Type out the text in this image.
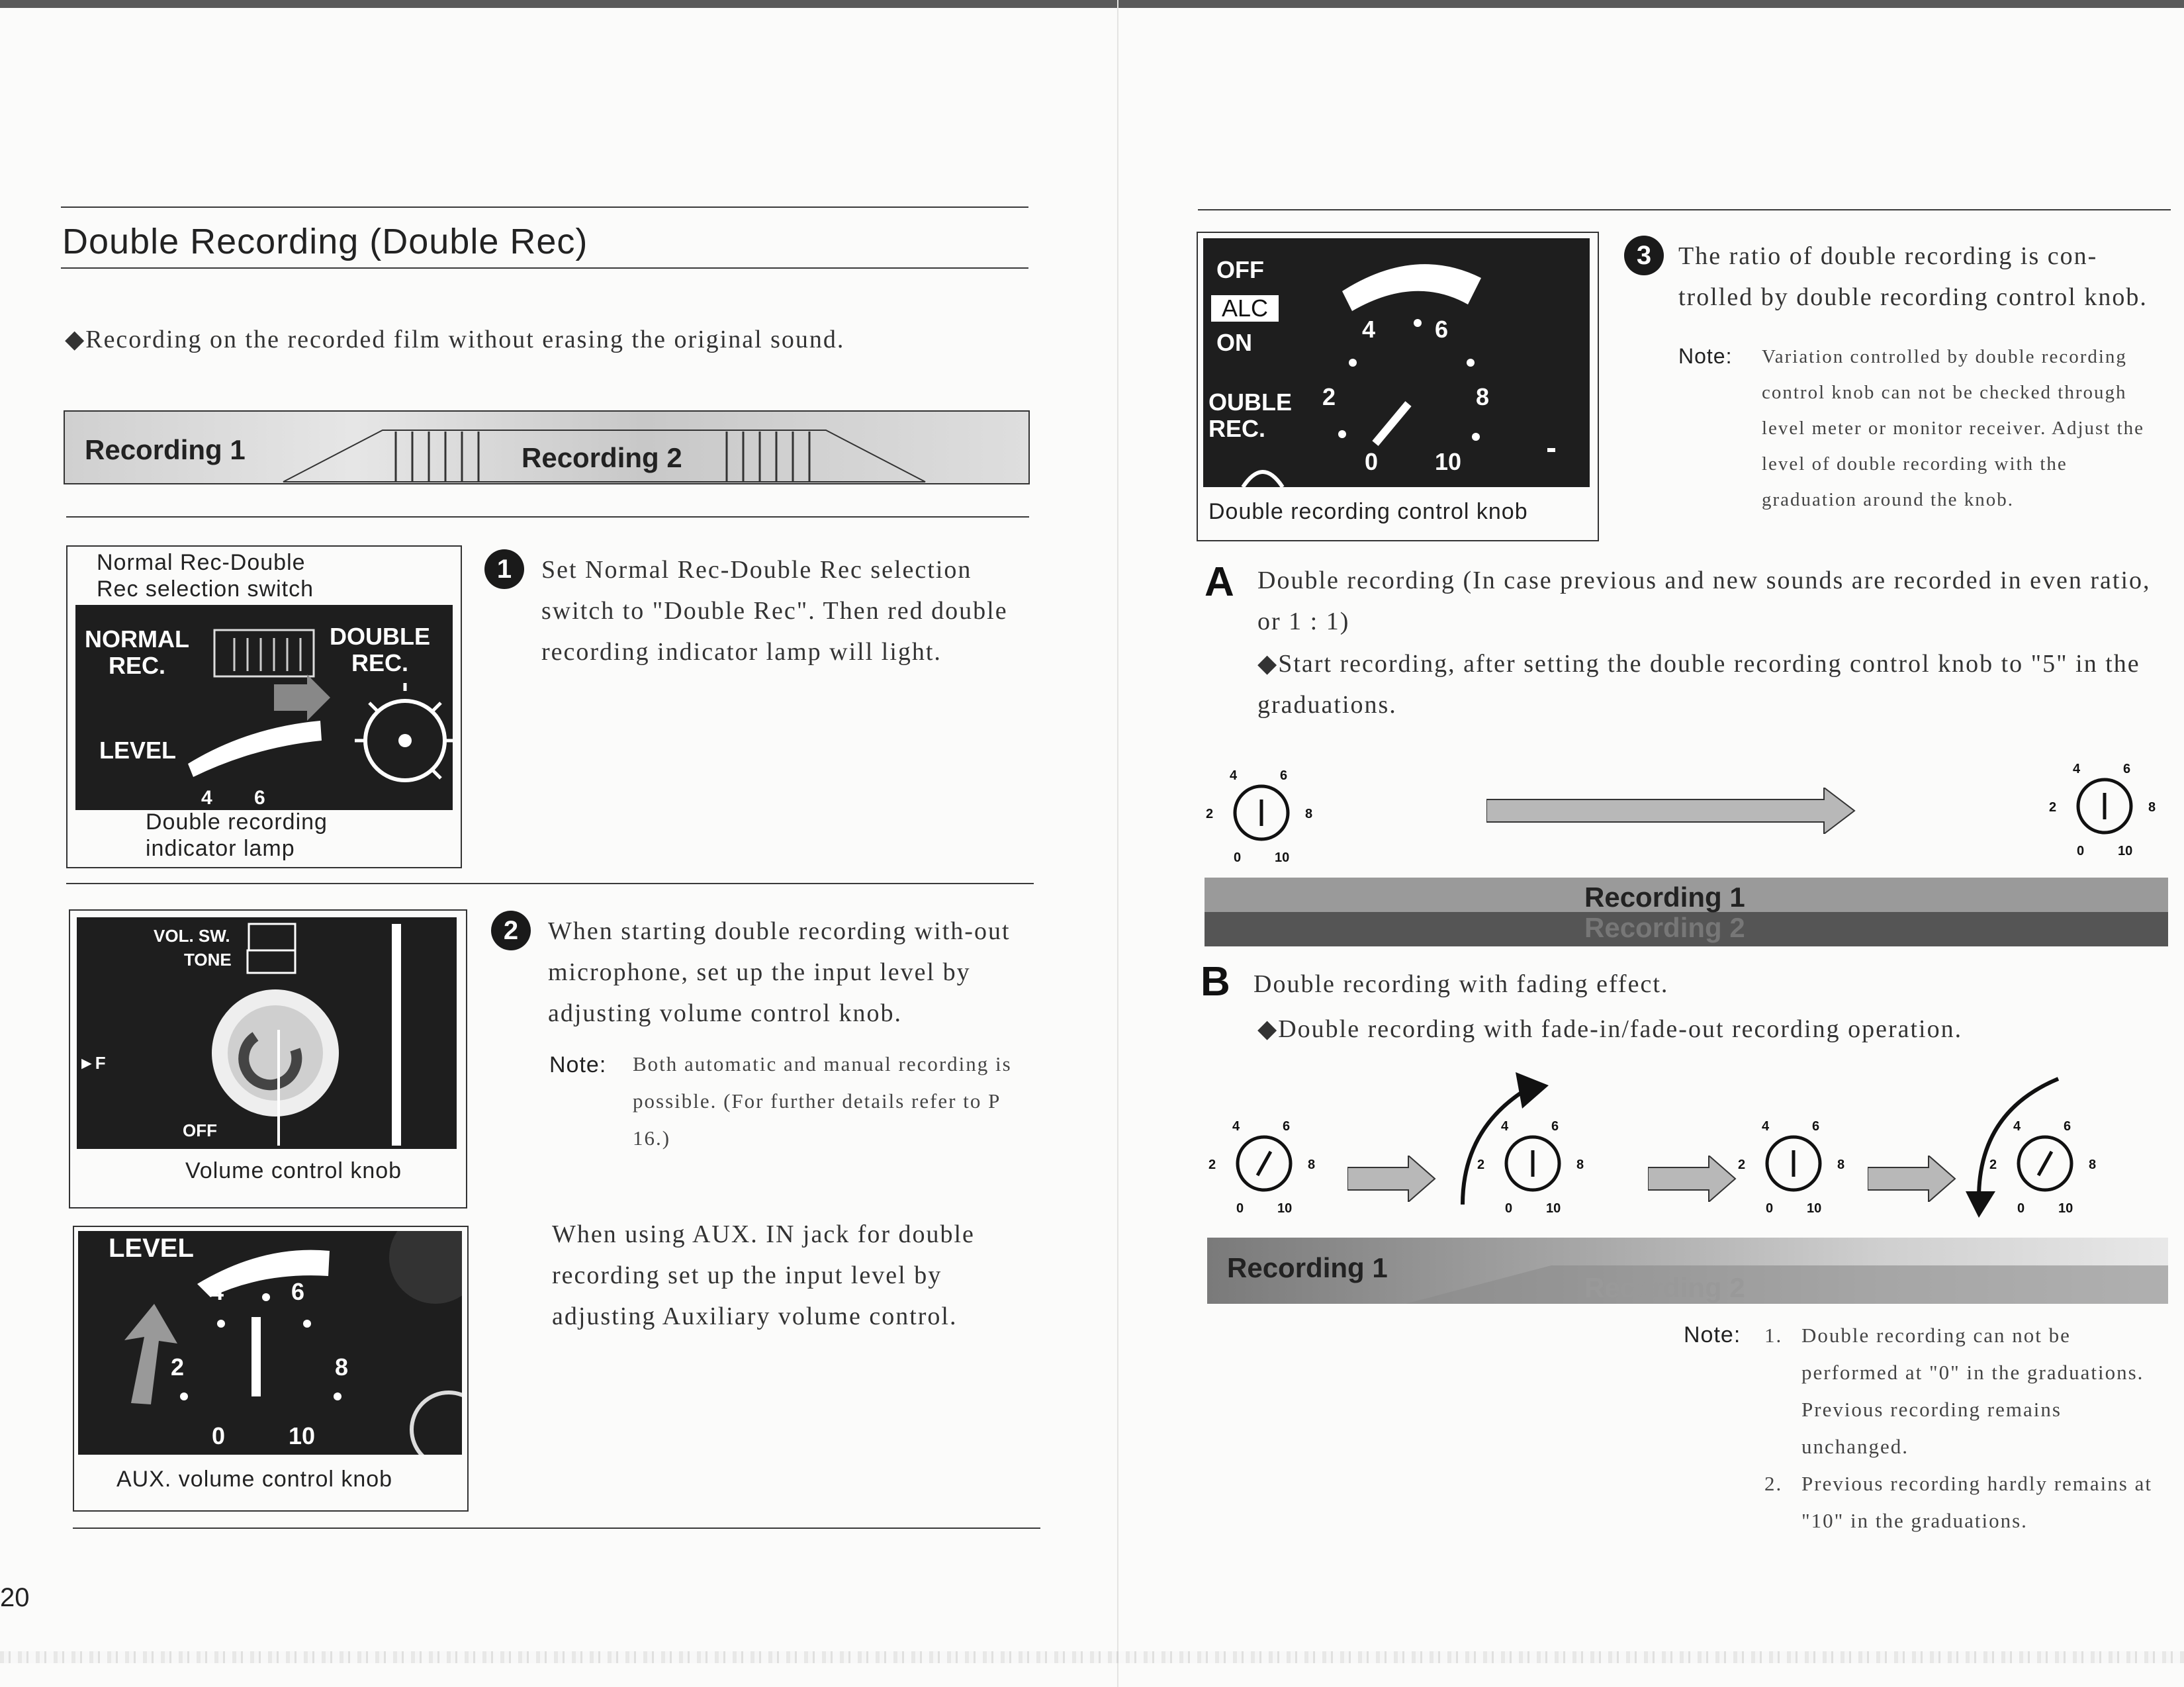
Double Recording (Double Rec)
◆Recording on the recorded film without erasing the original sound.
Recording 1	Recording 2
Normal Rec-Double
Rec selection switch
NORMAL
REC.
DOUBLE
REC.
LEVEL
4 6
Double recording
indicator lamp
1	Set Normal Rec-Double Rec selection switch to "Double Rec". Then red double recording indicator lamp will light.
VOL. SW.
TONE
►F
OFF
Volume control knob
2	When starting double recording with-out microphone, set up the input level by adjusting volume control knob.
Note: Both automatic and manual recording is possible. (For further details refer to P 16.)
LEVEL
6
2	8
0	10
AUX. volume control knob
When using AUX. IN jack for double recording set up the input level by adjusting Auxiliary volume control.
20
OFF
ALC
ON
OUBLE
REC.
4 6
2	8
0 10
Double recording control knob
3	The ratio of double recording is con-trolled by double recording control knob.
Note: Variation controlled by double recording control knob can not be checked through level meter or monitor receiver. Adjust the level of double recording with the graduation around the knob.
A Double recording (In case previous and new sounds are recorded in even ratio, or 1 : 1)
◆Start recording, after setting the double recording control knob to "5" in the graduations.
4	6
2	8
0	10
4	6
2	8
0	10
Recording 1
Recording 2
B Double recording with fading effect.
◆Double recording with fade-in/fade-out recording operation.
4	6
2	8
0	10
4	6
2	8
0	10
4	6
2	8
0	10
4	6
2	8
0	10
Recording 1
Recording 2
Note: 1. Double recording can not be performed at "0" in the graduations. Previous recording remains unchanged.
2. Previous recording hardly remains at "10" in the graduations.
